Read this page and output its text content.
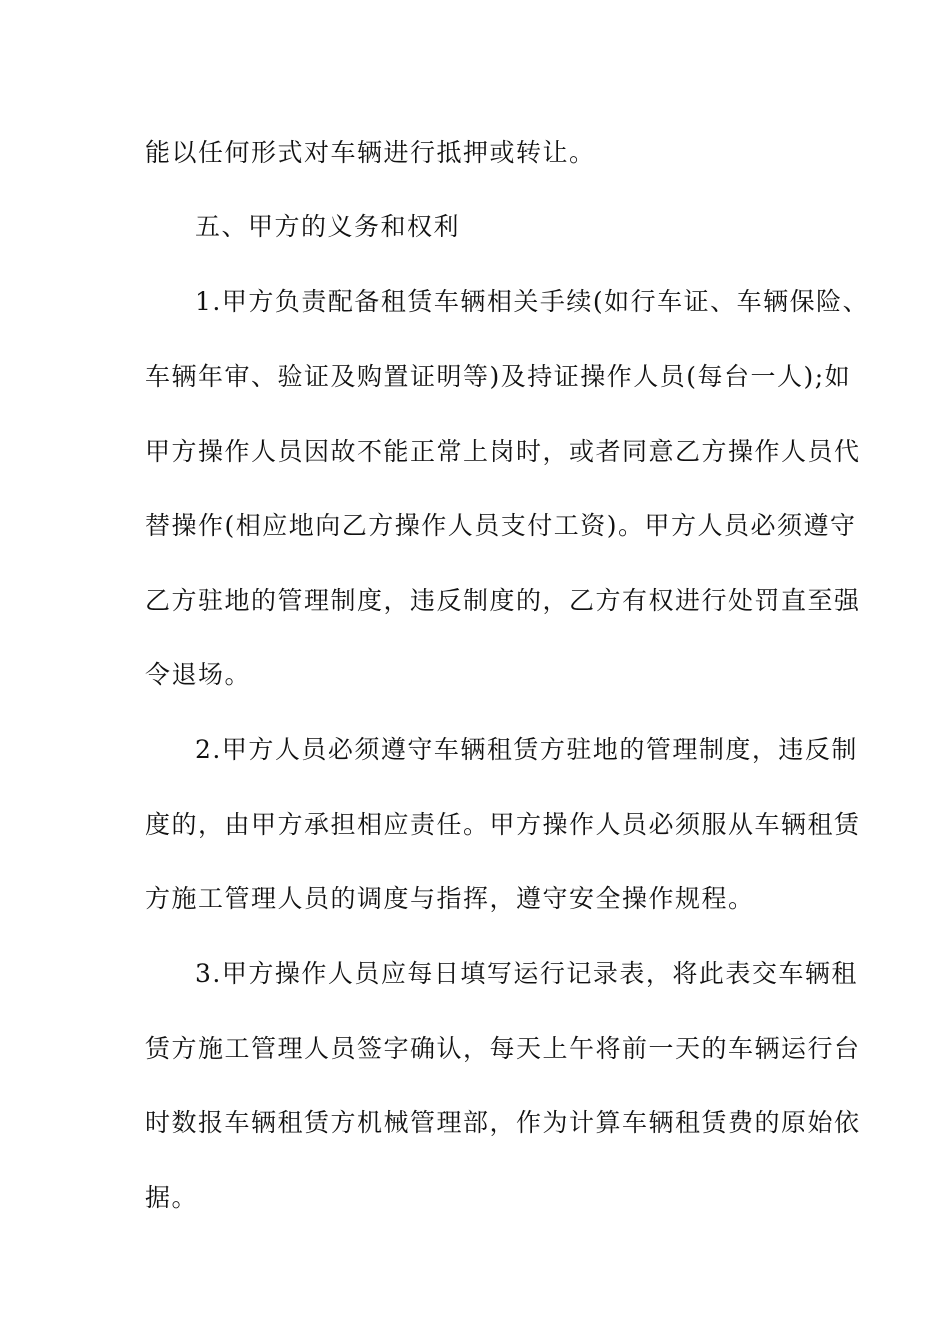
能以任何形式对车辆进行抵押或转让。
五、甲方的义务和权利
1.甲方负责配备租赁车辆相关手续(如行车证、车辆保险、
车辆年审、验证及购置证明等)及持证操作人员(每台一人);如
甲方操作人员因故不能正常上岗时，或者同意乙方操作人员代
替操作(相应地向乙方操作人员支付工资)。甲方人员必须遵守
乙方驻地的管理制度，违反制度的，乙方有权进行处罚直至强
令退场。
2.甲方人员必须遵守车辆租赁方驻地的管理制度，违反制
度的，由甲方承担相应责任。甲方操作人员必须服从车辆租赁
方施工管理人员的调度与指挥，遵守安全操作规程。
3.甲方操作人员应每日填写运行记录表，将此表交车辆租
赁方施工管理人员签字确认，每天上午将前一天的车辆运行台
时数报车辆租赁方机械管理部，作为计算车辆租赁费的原始依
据。
